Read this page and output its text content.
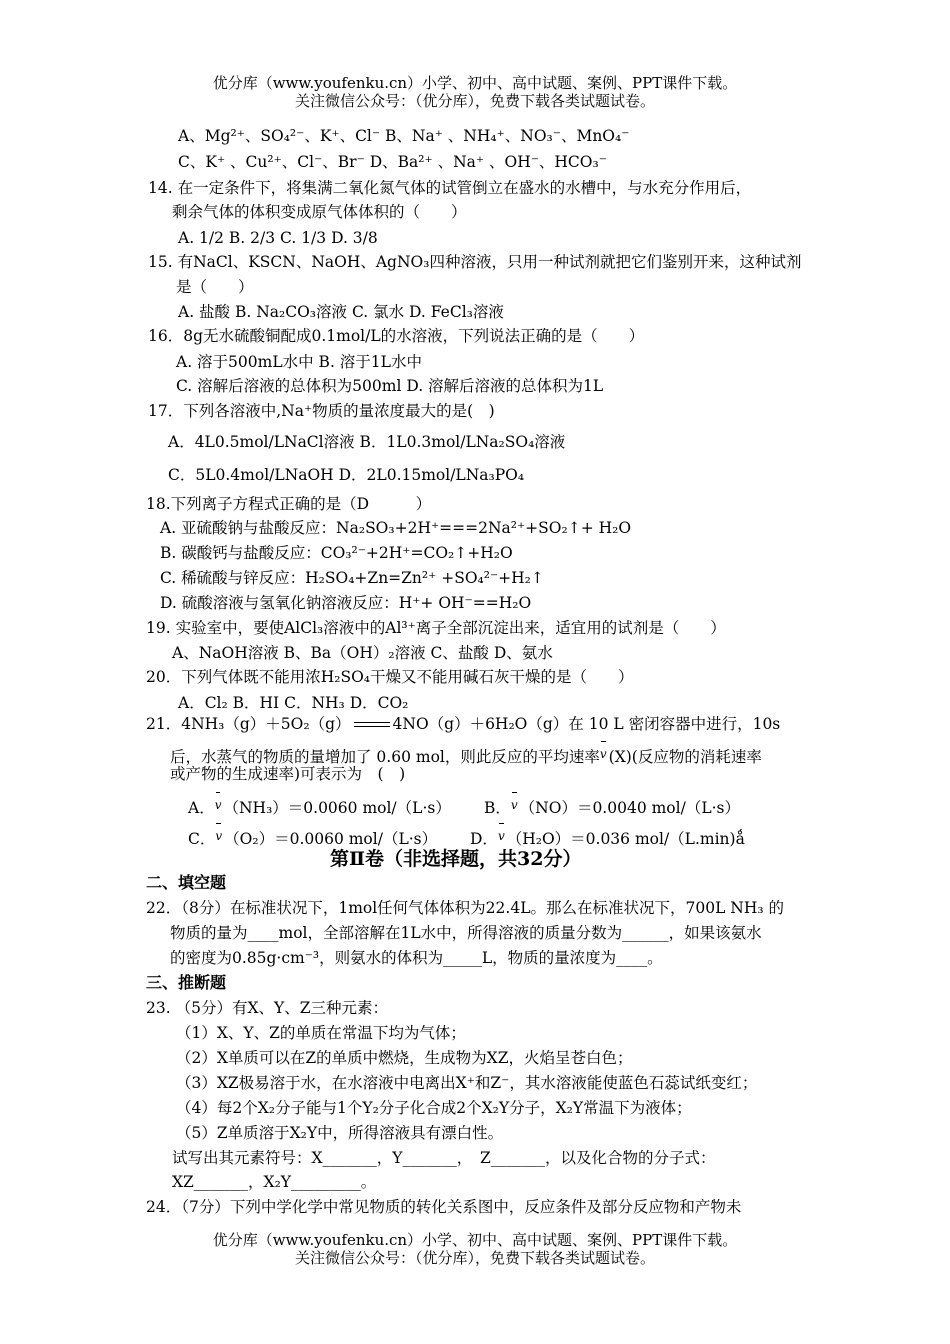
优分库（www.youfenku.cn）小学、初中、高中试题、案例、PPT课件下载。
关注微信公众号：（优分库），免费下载各类试题试卷。
A、Mg²⁺、SO₄²⁻、K⁺、Cl⁻ B、Na⁺ 、NH₄⁺、NO₃⁻、MnO₄⁻
C、K⁺ 、Cu²⁺、Cl⁻、Br⁻ D、Ba²⁺ 、Na⁺ 、OH⁻、HCO₃⁻
14. 在一定条件下，将集满二氧化氮气体的试管倒立在盛水的水槽中，与水充分作用后，
剩余气体的体积变成原气体体积的（　　）
A. 1/2 B. 2/3 C. 1/3 D. 3/8
15. 有NaCl、KSCN、NaOH、AgNO₃四种溶液，只用一种试剂就把它们鉴别开来，这种试剂
是（　　）
A. 盐酸 B. Na₂CO₃溶液 C. 氯水 D. FeCl₃溶液
16．8g无水硫酸铜配成0.1mol/L的水溶液，下列说法正确的是（　　）
A. 溶于500mL水中 B. 溶于1L水中
C. 溶解后溶液的总体积为500ml D. 溶解后溶液的总体积为1L
17．下列各溶液中,Na⁺物质的量浓度最大的是(　)
A．4L0.5mol/LNaCl溶液 B．1L0.3mol/LNa₂SO₄溶液
C．5L0.4mol/LNaOH D．2L0.15mol/LNa₃PO₄
18.下列离子方程式正确的是（D　　　）
A. 亚硫酸钠与盐酸反应：Na₂SO₃+2H⁺===2Na²⁺+SO₂↑+ H₂O
B. 碳酸钙与盐酸反应：CO₃²⁻+2H⁺=CO₂↑+H₂O
C. 稀硫酸与锌反应：H₂SO₄+Zn=Zn²⁺ +SO₄²⁻+H₂↑
D. 硫酸溶液与氢氧化钠溶液反应：H⁺+ OH⁻==H₂O
19. 实验室中，要使AlCl₃溶液中的Al³⁺离子全部沉淀出来，适宜用的试剂是（　　）
A、NaOH溶液 B、Ba（OH）₂溶液 C、盐酸 D、氨水
20．下列气体既不能用浓H₂SO₄干燥又不能用碱石灰干燥的是（　　）
A．Cl₂ B．HI C．NH₃ D．CO₂
21．4NH₃（g）＋5O₂（g）	4NO（g）＋6H₂O（g）在 10 L 密闭容器中进行，10s
后，水蒸气的物质的量增加了 0.60 mol，则此反应的平均速率v (X)(反应物的消耗速率
或产物的生成速率)可表示为　(　)
A．v （NH₃）＝0.0060 mol/（L·s） B．v （NO）＝0.0040 mol/（L·s）
C．v （O₂）＝0.0060 mol/（L·s） D．v （H₂O）＝0.036 mol/（L.min)ǻ
第Ⅱ卷（非选择题，共32分）
二、填空题
22．（8分）在标准状况下，1mol任何气体体积为22.4L。那么在标准状况下，700L NH₃ 的
物质的量为____mol，全部溶解在1L水中，所得溶液的质量分数为______，如果该氨水
的密度为0.85g·cm⁻³，则氨水的体积为_____L，物质的量浓度为____。
三、推断题
23. （5分）有X、Y、Z三种元素：
（1）X、Y、Z的单质在常温下均为气体；
（2）X单质可以在Z的单质中燃烧，生成物为XZ，火焰呈苍白色；
（3）XZ极易溶于水，在水溶液中电离出X⁺和Z⁻，其水溶液能使蓝色石蕊试纸变红；
（4）每2个X₂分子能与1个Y₂分子化合成2个X₂Y分子，X₂Y常温下为液体；
（5）Z单质溶于X₂Y中，所得溶液具有漂白性。
试写出其元素符号：X_______，Y_______，　Z_______，以及化合物的分子式：
XZ_______，X₂Y_________。
24．（7分）下列中学化学中常见物质的转化关系图中，反应条件及部分反应物和产物未
优分库（www.youfenku.cn）小学、初中、高中试题、案例、PPT课件下载。
关注微信公众号：（优分库），免费下载各类试题试卷。
